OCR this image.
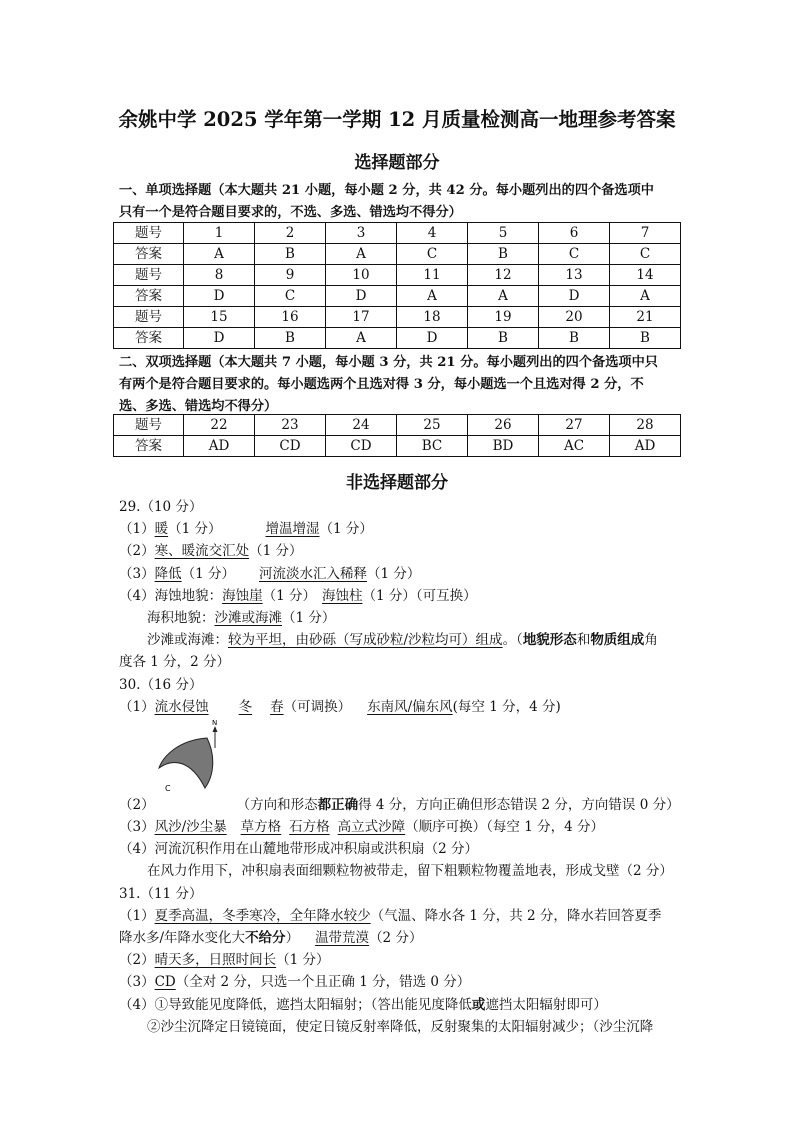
余姚中学 2025 学年第一学期 12 月质量检测高一地理参考答案
选择题部分
一、单项选择题（本大题共 21 小题，每小题 2 分，共 42 分。每小题列出的四个备选项中
只有一个是符合题目要求的，不选、多选、错选均不得分）
题号	1	2	3	4	5	6	7
答案	A	B	A	C	B	C	C
题号	8	9	10	11	12	13	14
答案	D	C	D	A	A	D	A
题号	15	16	17	18	19	20	21
答案	D	B	A	D	B	B	B
二、双项选择题（本大题共 7 小题，每小题 3 分，共 21 分。每小题列出的四个备选项中只
有两个是符合题目要求的。每小题选两个且选对得 3 分，每小题选一个且选对得 2 分，不
选、多选、错选均不得分）
题号	22	23	24	25	26	27	28
答案	AD	CD	CD	BC	BD	AC	AD
非选择题部分
29.（10 分）
（1）暖（1 分）	增温增湿（1 分）
（2）寒、暖流交汇处（1 分）
（3）降低（1 分） 河流淡水汇入稀释（1 分）
（4）海蚀地貌：海蚀崖（1 分） 海蚀柱（1 分）（可互换）
海积地貌：沙滩或海滩（1 分）
沙滩或海滩：较为平坦，由砂砾（写成砂粒/沙粒均可）组成。（地貌形态和物质组成角
度各 1 分，2 分）
30.（16 分）
（1）流水侵蚀 冬 春（可调换） 东南风/偏东风(每空 1 分，4 分)
N
C
（2）	（方向和形态都正确得 4 分，方向正确但形态错误 2 分，方向错误 0 分）
（3）风沙/沙尘暴 草方格 石方格 高立式沙障（顺序可换）（每空 1 分，4 分）
（4）河流沉积作用在山麓地带形成冲积扇或洪积扇（2 分）
在风力作用下，冲积扇表面细颗粒物被带走，留下粗颗粒物覆盖地表，形成戈壁（2 分）
31.（11 分）
（1）夏季高温，冬季寒冷，全年降水较少（气温、降水各 1 分，共 2 分，降水若回答夏季
降水多/年降水变化大不给分） 温带荒漠（2 分）
（2）晴天多，日照时间长（1 分）
（3）CD（全对 2 分，只选一个且正确 1 分，错选 0 分）
（4）①导致能见度降低，遮挡太阳辐射；（答出能见度降低或遮挡太阳辐射即可）
②沙尘沉降定日镜镜面，使定日镜反射率降低，反射聚集的太阳辐射减少；（沙尘沉降
